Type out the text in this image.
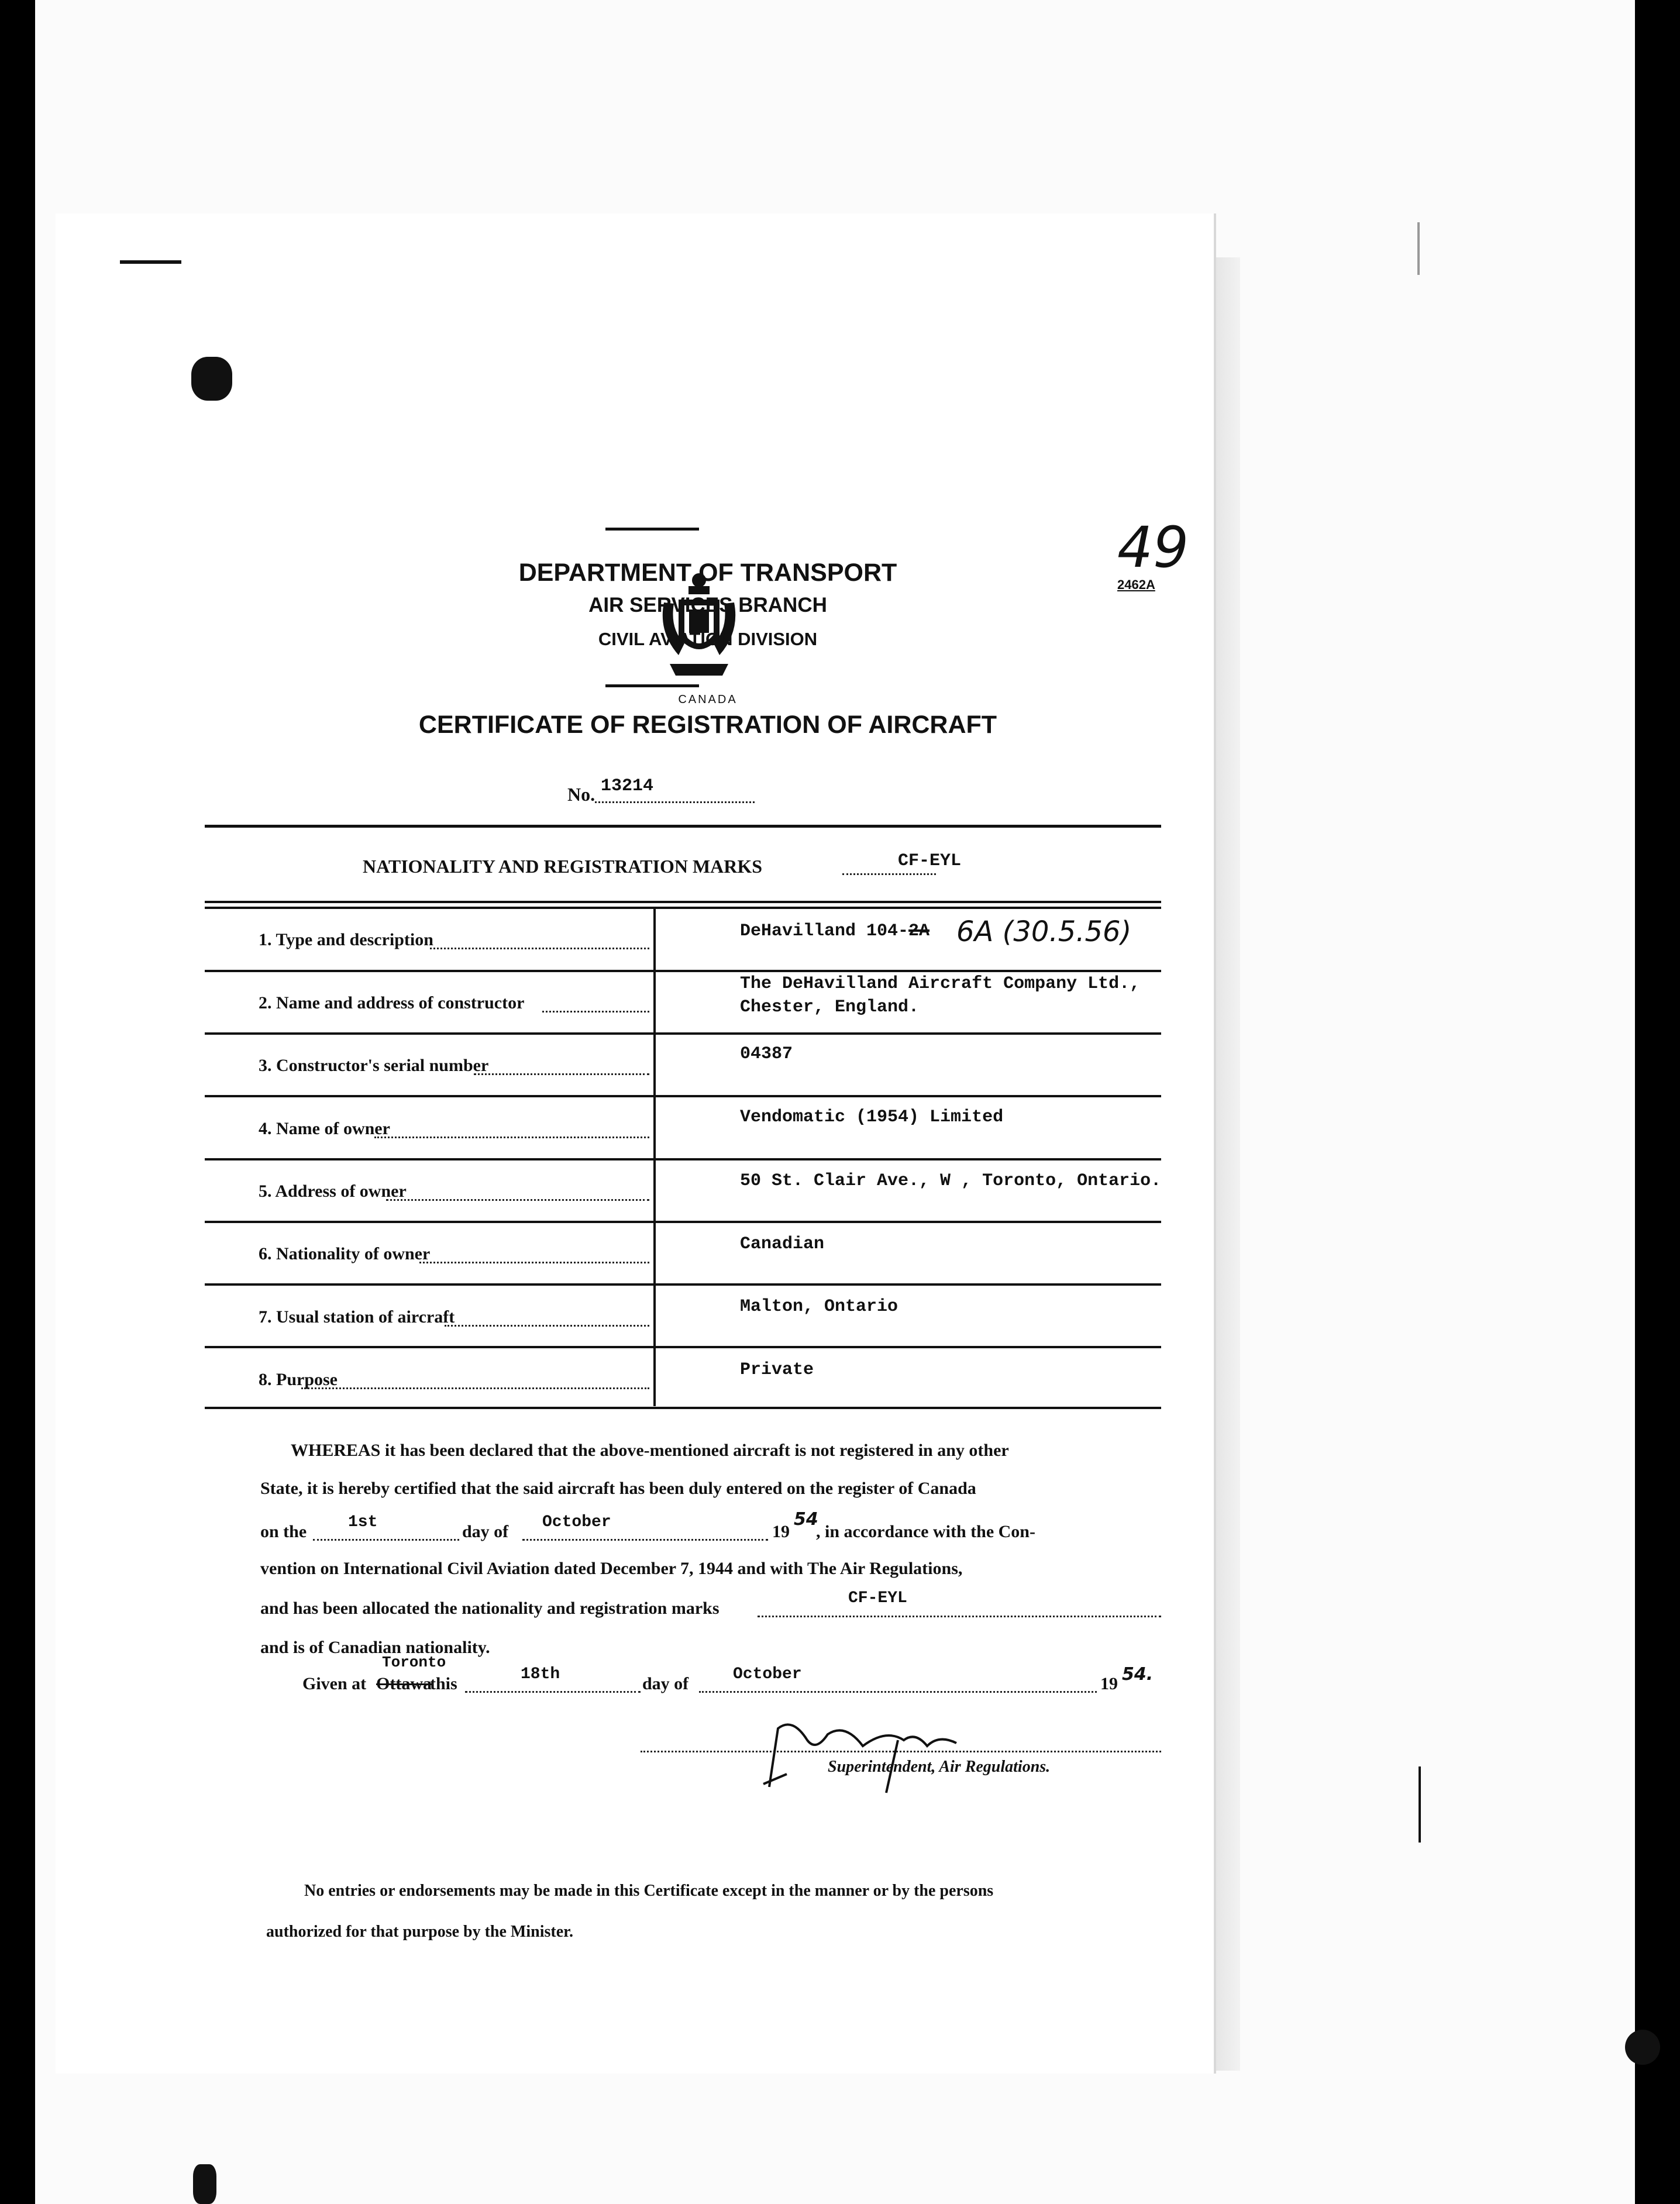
49
2462A
CANADA
DEPARTMENT OF TRANSPORT
AIR SERVICES BRANCH
CIVIL AVIATION DIVISION
CERTIFICATE OF REGISTRATION OF AIRCRAFT
No. 13214
NATIONALITY AND REGISTRATION MARKS	CF-EYL
1. Type and description	DeHavilland 104-2A 6A (30.5.56)
2. Name and address of constructor
The DeHavilland Aircraft Company Ltd.,
Chester, England.
3. Constructor's serial number
04387
4. Name of owner
Vendomatic (1954) Limited
5. Address of owner
50 St. Clair Ave., W , Toronto, Ontario.
6. Nationality of owner	Canadian
7. Usual station of aircraft
Malton, Ontario
8. Purpose	Private
WHEREAS it has been declared that the above-mentioned aircraft is not registered in any other
State, it is hereby certified that the said aircraft has been duly entered on the register of Canada
on the	1st	day of October	19
54
, in accordance with the Con-
vention on International Civil Aviation dated December 7, 1944 and with The Air Regulations,
and has been allocated the nationality and registration marks
CF-EYL
and is of Canadian nationality.
Given at Ottawa
Toronto
this	18th	day of	October	19 54.
Superintendent, Air Regulations.
No entries or endorsements may be made in this Certificate except in the manner or by the persons
authorized for that purpose by the Minister.
